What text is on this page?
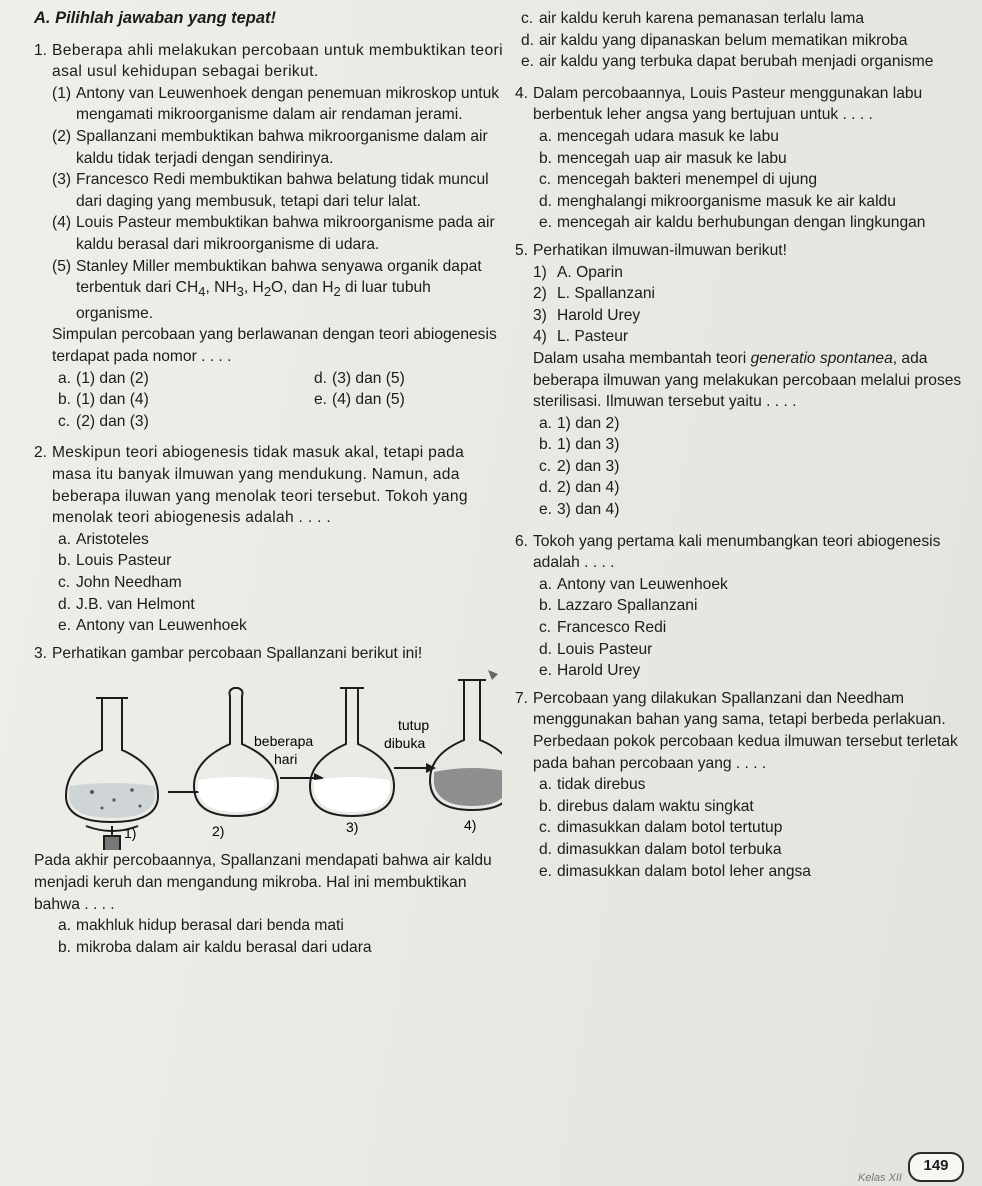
A. Pilihlah jawaban yang tepat!

1. Beberapa ahli melakukan percobaan untuk membuktikan teori asal usul kehidupan sebagai berikut.

(1) Antony van Leuwenhoek dengan penemuan mikroskop untuk mengamati mikroorganisme dalam air rendaman jerami.
(2) Spallanzani membuktikan bahwa mikroorganisme dalam air kaldu tidak terjadi dengan sendirinya.
(3) Francesco Redi membuktikan bahwa belatung tidak muncul dari daging yang membusuk, tetapi dari telur lalat.
(4) Louis Pasteur membuktikan bahwa mikroorganisme pada air kaldu berasal dari mikroorganisme di udara.
(5) Stanley Miller membuktikan bahwa senyawa organik dapat terbentuk dari $CH_4$, $NH_3$, $H_2O$, dan $H_2$ di luar tubuh organisme.

Simpulan percobaan yang berlawanan dengan teori abiogenesis terdapat pada nomor . . . .

a. (1) dan (2)	d. (3) dan (5)
b. (1) dan (4)	e. (4) dan (5)
c. (2) dan (3)
2. Meskipun teori abiogenesis tidak masuk akal, tetapi pada masa itu banyak ilmuwan yang mendukung. Namun, ada beberapa iluwan yang menolak teori tersebut. Tokoh yang menolak teori abiogenesis adalah . . . .

a. Aristoteles
b. Louis Pasteur
c. John Needham
d. J.B. van Helmont
e. Antony van Leuwenhoek
3. Perhatikan gambar percobaan Spallanzani berikut ini!

1)	2)
beberapa
hari
3)
tutup
dibuka
4)

Pada akhir percobaannya, Spallanzani mendapati bahwa air kaldu menjadi keruh dan mengandung mikroba. Hal ini membuktikan bahwa . . . .

a. makhluk hidup berasal dari benda mati
b. mikroba dalam air kaldu berasal dari udara
c. air kaldu keruh karena pemanasan terlalu lama
d. air kaldu yang dipanaskan belum mematikan mikroba
e. air kaldu yang terbuka dapat berubah menjadi organisme
4. Dalam percobaannya, Louis Pasteur menggunakan labu berbentuk leher angsa yang bertujuan untuk . . . .

a. mencegah udara masuk ke labu
b. mencegah uap air masuk ke labu
c. mencegah bakteri menempel di ujung
d. menghalangi mikroorganisme masuk ke air kaldu
e. mencegah air kaldu berhubungan dengan lingkungan
5. Perhatikan ilmuwan-ilmuwan berikut!

1) A. Oparin
2) L. Spallanzani
3) Harold Urey
4) L. Pasteur

Dalam usaha membantah teori generatio spontanea, ada beberapa ilmuwan yang melakukan percobaan melalui proses sterilisasi. Ilmuwan tersebut yaitu . . . .

a. 1) dan 2)
b. 1) dan 3)
c. 2) dan 3)
d. 2) dan 4)
e. 3) dan 4)
6. Tokoh yang pertama kali menumbangkan teori abiogenesis adalah . . . .

a. Antony van Leuwenhoek
b. Lazzaro Spallanzani
c. Francesco Redi
d. Louis Pasteur
e. Harold Urey
7. Percobaan yang dilakukan Spallanzani dan Needham menggunakan bahan yang sama, tetapi berbeda perlakuan. Perbedaan pokok percobaan kedua ilmuwan tersebut terletak pada bahan percobaan yang . . . .

a. tidak direbus
b. direbus dalam waktu singkat
c. dimasukkan dalam botol tertutup
d. dimasukkan dalam botol terbuka
e. dimasukkan dalam botol leher angsa
Kelas XII
149
